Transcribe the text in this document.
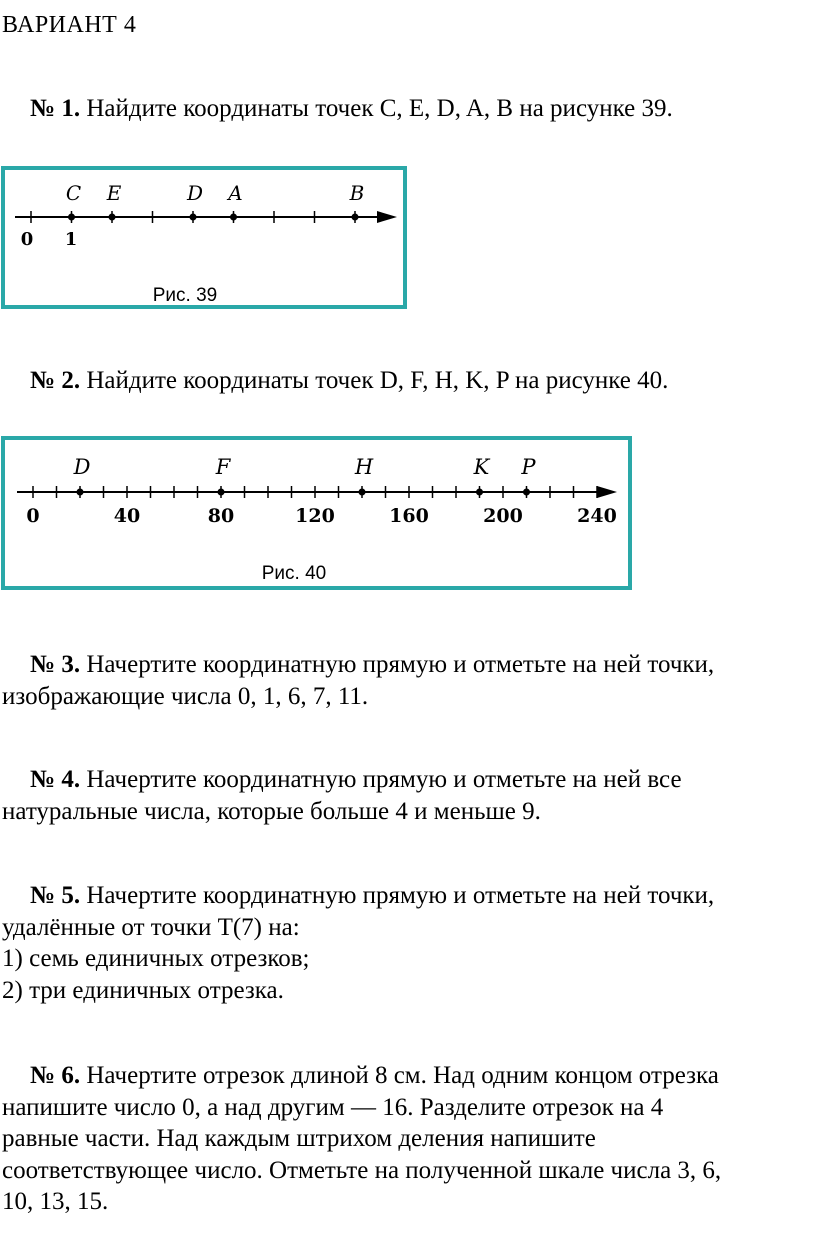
ВАРИАНТ 4
№ 1. Найдите координаты точек C, E, D, A, B на рисунке 39.
C E	D A	B
0 1
Рис. 39
№ 2. Найдите координаты точек D, F, H, K, P на рисунке 40.
D	F	H	K P
0	40	80	120	160	200	240
Рис. 40
№ 3. Начертите координатную прямую и отметьте на ней точки,
изображающие числа 0, 1, 6, 7, 11.
№ 4. Начертите координатную прямую и отметьте на ней все
натуральные числа, которые больше 4 и меньше 9.
№ 5. Начертите координатную прямую и отметьте на ней точки,
удалённые от точки T(7) на:
1) семь единичных отрезков;
2) три единичных отрезка.
№ 6. Начертите отрезок длиной 8 см. Над одним концом отрезка
напишите число 0, а над другим — 16. Разделите отрезок на 4
равные части. Над каждым штрихом деления напишите
соответствующее число. Отметьте на полученной шкале числа 3, 6,
10, 13, 15.
